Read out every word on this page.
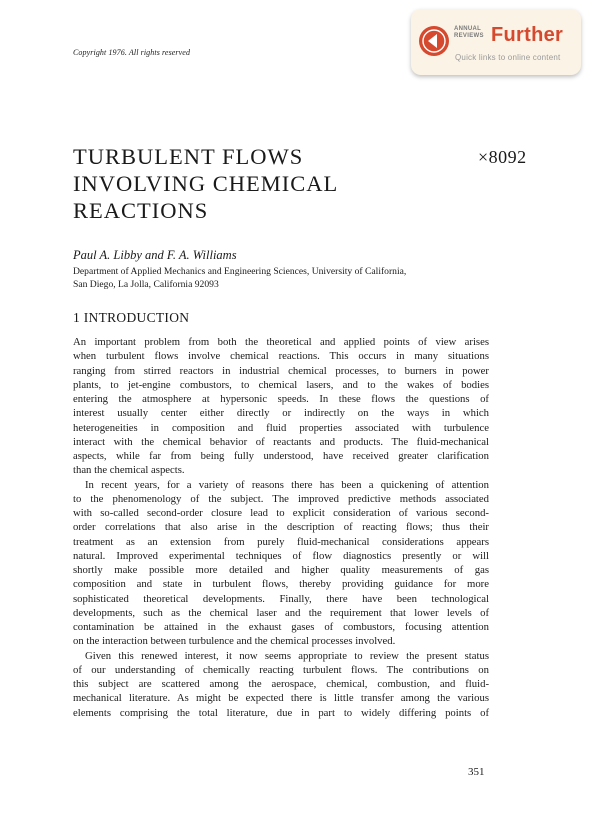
Copyright 1976. All rights reserved
ANNUAL
REVIEWS Further
Quick links to online content
TURBULENT FLOWS
INVOLVING CHEMICAL
REACTIONS
×8092
Paul A. Libby and F. A. Williams
Department of Applied Mechanics and Engineering Sciences, University of California,
San Diego, La Jolla, California 92093
1 INTRODUCTION

An important problem from both the theoretical and applied points of view arises
when turbulent flows involve chemical reactions. This occurs in many situations
ranging from stirred reactors in industrial chemical processes, to burners in power
plants, to jet-engine combustors, to chemical lasers, and to the wakes of bodies
entering the atmosphere at hypersonic speeds. In these flows the questions of
interest usually center either directly or indirectly on the ways in which
heterogeneities in composition and fluid properties associated with turbulence
interact with the chemical behavior of reactants and products. The fluid-mechanical
aspects, while far from being fully understood, have received greater clarification
than the chemical aspects.

In recent years, for a variety of reasons there has been a quickening of attention
to the phenomenology of the subject. The improved predictive methods associated
with so-called second-order closure lead to explicit consideration of various second-
order correlations that also arise in the description of reacting flows; thus their
treatment as an extension from purely fluid-mechanical considerations appears
natural. Improved experimental techniques of flow diagnostics presently or will
shortly make possible more detailed and higher quality measurements of gas
composition and state in turbulent flows, thereby providing guidance for more
sophisticated theoretical developments. Finally, there have been technological
developments, such as the chemical laser and the requirement that lower levels of
contamination be attained in the exhaust gases of combustors, focusing attention
on the interaction between turbulence and the chemical processes involved.

Given this renewed interest, it now seems appropriate to review the present status
of our understanding of chemically reacting turbulent flows. The contributions on
this subject are scattered among the aerospace, chemical, combustion, and fluid-
mechanical literature. As might be expected there is little transfer among the various
elements comprising the total literature, due in part to widely differing points of

351
